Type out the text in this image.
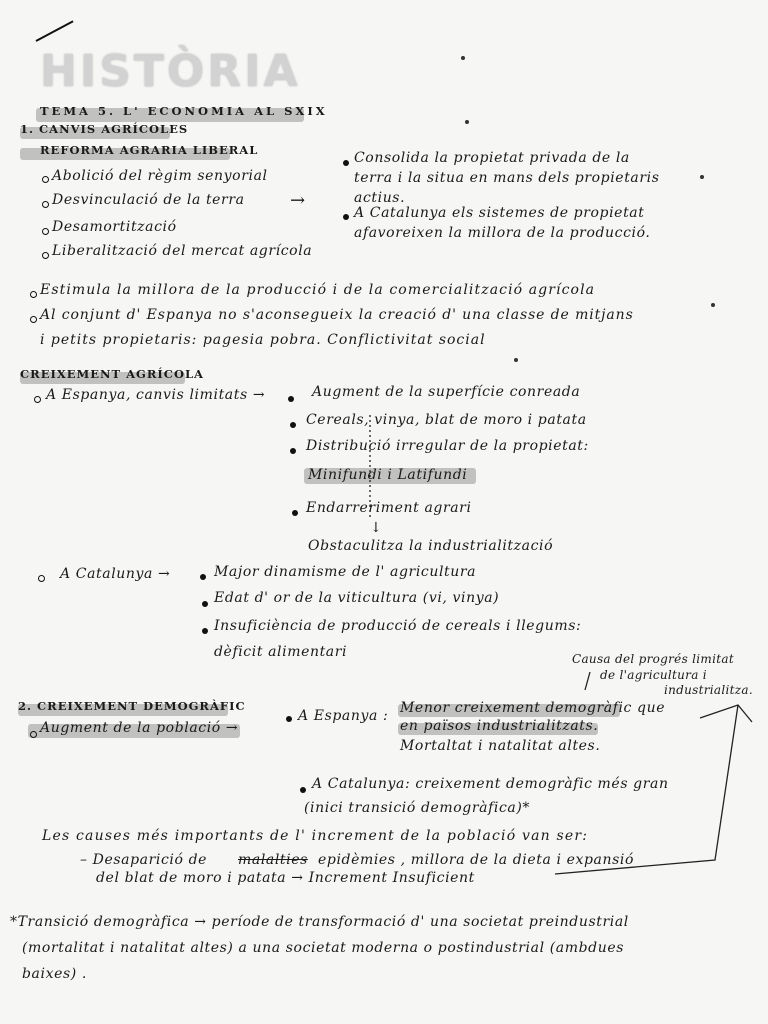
HISTÒRIA
TEMA 5. L' ECONOMIA AL SXIX
1. CANVIS AGRÍCOLES
REFORMA AGRARIA LIBERAL
Abolició del règim senyorial
Desvinculació de la terra
Desamortització
Liberalització del mercat agrícola
→
Consolida la propietat privada de la
terra i la situa en mans dels propietaris
actius.
A Catalunya els sistemes de propietat
afavoreixen la millora de la producció.
Estimula la millora de la producció i de la comercialització agrícola
Al conjunt d' Espanya no s'aconsegueix la creació d' una classe de mitjans
i petits propietaris: pagesia pobra. Conflictivitat social
CREIXEMENT AGRÍCOLA
A Espanya, canvis limitats →	Augment de la superfície conreada
Cereals, vinya, blat de moro i patata
Distribució irregular de la propietat:
Minifundi i Latifundi
Endarreriment agrari
↓
Obstaculitza la industrialització
A Catalunya →	Major dinamisme de l' agricultura
Edat d' or de la viticultura (vi, vinya)
Insuficiència de producció de cereals i llegums:
dèficit alimentari
2. CREIXEMENT DEMOGRÀFIC
Augment de la població →
A Espanya : Menor creixement demogràfic que
en països industrialitzats.
Mortaltat i natalitat altes.
Causa del progrés limitat
de l'agricultura i
industrialitza.
A Catalunya: creixement demogràfic més gran
(inici transició demogràfica)*
Les causes més importants de l' increment de la població van ser:
– Desaparició de malalties epidèmies , millora de la dieta i expansió
del blat de moro i patata → Increment Insuficient
*Transició demogràfica → període de transformació d' una societat preindustrial
(mortalitat i natalitat altes) a una societat moderna o postindustrial (ambdues
baixes) .
